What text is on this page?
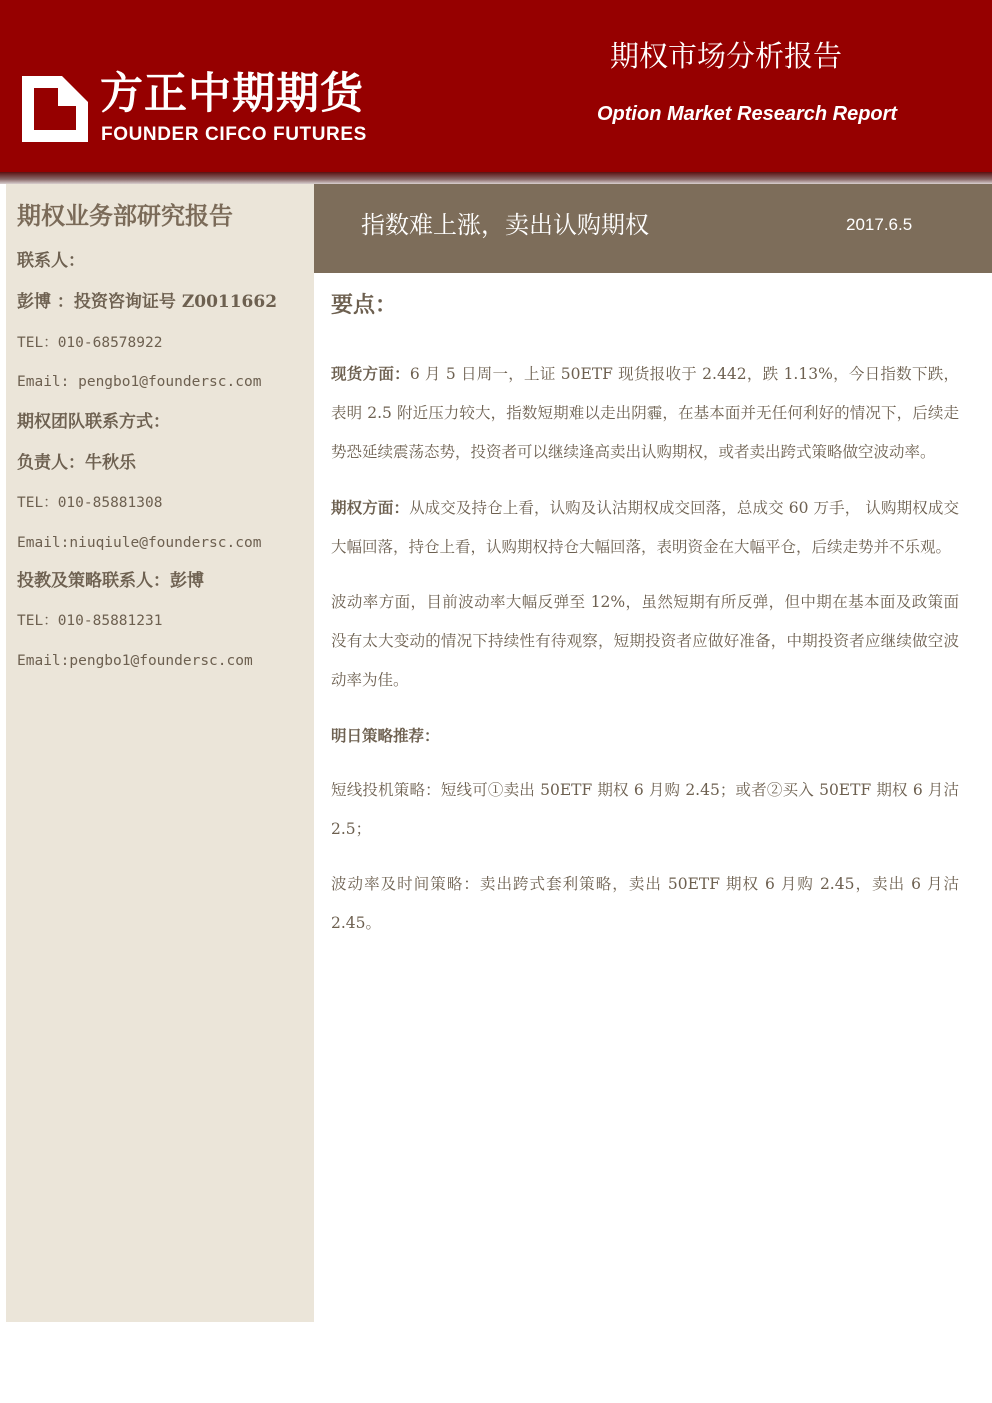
方正中期期货
FOUNDER CIFCO FUTURES
期权市场分析报告
Option Market Research Report
期权业务部研究报告
联系人：
彭博 ：投资咨询证号 Z0011662
TEL：010-68578922
Email: pengbo1@foundersc.com
期权团队联系方式：
负责人：牛秋乐
TEL：010-85881308
Email:niuqiule@foundersc.com
投教及策略联系人：彭博
TEL：010-85881231
Email:pengbo1@foundersc.com
指数难上涨，卖出认购期权	2017.6.5
要点：

现货方面：6 月 5 日周一，上证 50ETF 现货报收于 2.442，跌 1.13%，今日指数下跌，表明 2.5 附近压力较大，指数短期难以走出阴霾，在基本面并无任何利好的情况下，后续走势恐延续震荡态势，投资者可以继续逢高卖出认购期权，或者卖出跨式策略做空波动率。

期权方面：从成交及持仓上看，认购及认沽期权成交回落，总成交 60 万手， 认购期权成交大幅回落，持仓上看，认购期权持仓大幅回落，表明资金在大幅平仓，后续走势并不乐观。

波动率方面，目前波动率大幅反弹至 12%，虽然短期有所反弹，但中期在基本面及政策面没有太大变动的情况下持续性有待观察，短期投资者应做好准备，中期投资者应继续做空波动率为佳。

明日策略推荐：

短线投机策略：短线可①卖出 50ETF 期权 6 月购 2.45；或者②买入 50ETF 期权 6 月沽 2.5；

波动率及时间策略：卖出跨式套利策略，卖出 50ETF 期权 6 月购 2.45，卖出 6 月沽 2.45。
